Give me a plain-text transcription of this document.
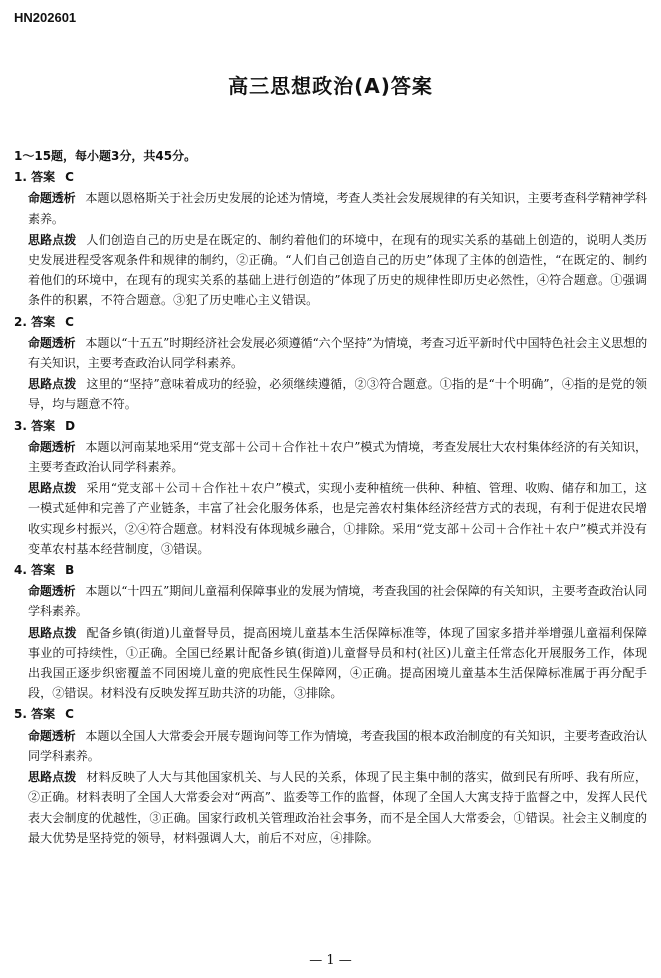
HN202601
高三思想政治(A)答案
1～15题，每小题3分，共45分。
1. 答案 C
命题透析 本题以恩格斯关于社会历史发展的论述为情境，考查人类社会发展规律的有关知识，主要考查科学精神学科素养。
思路点拨 人们创造自己的历史是在既定的、制约着他们的环境中，在现有的现实关系的基础上创造的，说明人类历史发展进程受客观条件和规律的制约，②正确。“人们自己创造自己的历史”体现了主体的创造性，“在既定的、制约着他们的环境中，在现有的现实关系的基础上进行创造的”体现了历史的规律性即历史必然性，④符合题意。①强调条件的积累，不符合题意。③犯了历史唯心主义错误。
2. 答案 C
命题透析 本题以“十五五”时期经济社会发展必须遵循“六个坚持”为情境，考查习近平新时代中国特色社会主义思想的有关知识，主要考查政治认同学科素养。
思路点拨 这里的“坚持”意味着成功的经验，必须继续遵循，②③符合题意。①指的是“十个明确”，④指的是党的领导，均与题意不符。
3. 答案 D
命题透析 本题以河南某地采用“党支部＋公司＋合作社＋农户”模式为情境，考查发展壮大农村集体经济的有关知识，主要考查政治认同学科素养。
思路点拨 采用“党支部＋公司＋合作社＋农户”模式，实现小麦种植统一供种、种植、管理、收购、储存和加工，这一模式延伸和完善了产业链条，丰富了社会化服务体系，也是完善农村集体经济经营方式的表现，有利于促进农民增收实现乡村振兴，②④符合题意。材料没有体现城乡融合，①排除。采用“党支部＋公司＋合作社＋农户”模式并没有变革农村基本经营制度，③错误。
4. 答案 B
命题透析 本题以“十四五”期间儿童福利保障事业的发展为情境，考查我国的社会保障的有关知识，主要考查政治认同学科素养。
思路点拨 配备乡镇(街道)儿童督导员，提高困境儿童基本生活保障标准等，体现了国家多措并举增强儿童福利保障事业的可持续性，①正确。全国已经累计配备乡镇(街道)儿童督导员和村(社区)儿童主任常态化开展服务工作，体现出我国正逐步织密覆盖不同困境儿童的兜底性民生保障网，④正确。提高困境儿童基本生活保障标准属于再分配手段，②错误。材料没有反映发挥互助共济的功能，③排除。
5. 答案 C
命题透析 本题以全国人大常委会开展专题询问等工作为情境，考查我国的根本政治制度的有关知识，主要考查政治认同学科素养。
思路点拨 材料反映了人大与其他国家机关、与人民的关系，体现了民主集中制的落实，做到民有所呼、我有所应，②正确。材料表明了全国人大常委会对“两高”、监委等工作的监督，体现了全国人大寓支持于监督之中，发挥人民代表大会制度的优越性，③正确。国家行政机关管理政治社会事务，而不是全国人大常委会，①错误。社会主义制度的最大优势是坚持党的领导，材料强调人大，前后不对应，④排除。
— 1 —
